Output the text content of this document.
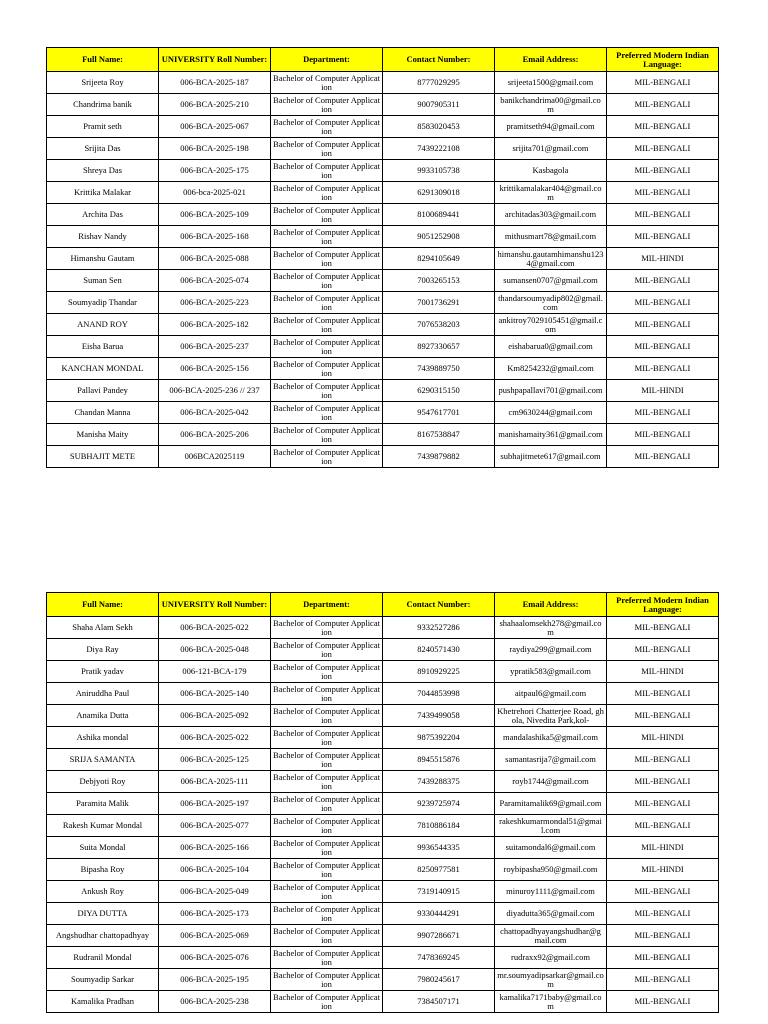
Full Name:	UNIVERSITY Roll Number:	Department:	Contact Number:	Email Address:	Preferred Modern Indian Language:
Srijeeta Roy	006-BCA-2025-187	Bachelor of Computer Application	8777029295	srijeeta1500@gmail.com	MIL-BENGALI
Chandrima banik	006-BCA-2025-210	Bachelor of Computer Application	9007905311	banikchandrima00@gmail.com	MIL-BENGALI
Pramit seth	006-BCA-2025-067	Bachelor of Computer Application	8583020453	pramitseth94@gmail.com	MIL-BENGALI
Srijita Das	006-BCA-2025-198	Bachelor of Computer Application	7439222108	srijita701@gmail.com	MIL-BENGALI
Shreya Das	006-BCA-2025-175	Bachelor of Computer Application	9933105738	Kasbagola	MIL-BENGALI
Krittika Malakar	006-bca-2025-021	Bachelor of Computer Application	6291309018	krittikamalakar404@gmail.com	MIL-BENGALI
Archita Das	006-BCA-2025-109	Bachelor of Computer Application	8100689441	architadas303@gmail.com	MIL-BENGALI
Rishav Nandy	006-BCA-2025-168	Bachelor of Computer Application	9051252908	mithusmart78@gmail.com	MIL-BENGALI
Himanshu Gautam	006-BCA-2025-088	Bachelor of Computer Application	8294105649	himanshu.gautamhimanshu1234@gmail.com	MIL-HINDI
Suman Sen	006-BCA-2025-074	Bachelor of Computer Application	7003265153	sumansen0707@gmail.com	MIL-BENGALI
Soumyadip Thandar	006-BCA-2025-223	Bachelor of Computer Application	7001736291	thandarsoumyadip802@gmail.com	MIL-BENGALI
ANAND ROY	006-BCA-2025-182	Bachelor of Computer Application	7076538203	ankitroy7029105451@gmail.com	MIL-BENGALI
Eisha Barua	006-BCA-2025-237	Bachelor of Computer Application	8927330657	eishabarua0@gmail.com	MIL-BENGALI
KANCHAN MONDAL	006-BCA-2025-156	Bachelor of Computer Application	7439889750	Km8254232@gmail.com	MIL-BENGALI
Pallavi Pandey	006-BCA-2025-236 // 237	Bachelor of Computer Application	6290315150	pushpapallavi701@gmail.com	MIL-HINDI
Chandan Manna	006-BCA-2025-042	Bachelor of Computer Application	9547617701	cm9630244@gmail.com	MIL-BENGALI
Manisha Maity	006-BCA-2025-206	Bachelor of Computer Application	8167538847	manishamaity361@gmail.com	MIL-BENGALI
SUBHAJIT METE	006BCA2025119	Bachelor of Computer Application	7439879882	subhajitmete617@gmail.com	MIL-BENGALI
Full Name:	UNIVERSITY Roll Number:	Department:	Contact Number:	Email Address:	Preferred Modern Indian Language:
Shaha Alam Sekh	006-BCA-2025-022	Bachelor of Computer Application	9332527286	shahaalomsekh278@gmail.com	MIL-BENGALI
Diya Ray	006-BCA-2025-048	Bachelor of Computer Application	8240571430	raydiya299@gmail.com	MIL-BENGALI
Pratik yadav	006-121-BCA-179	Bachelor of Computer Application	8910929225	ypratik583@gmail.com	MIL-HINDI
Aniruddha Paul	006-BCA-2025-140	Bachelor of Computer Application	7044853998	aitpaul6@gmail.com	MIL-BENGALI
Anamika Dutta	006-BCA-2025-092	Bachelor of Computer Application	7439499058	Khetrehori Chatterjee Road, ghola, Nivedita Park,kol-	MIL-BENGALI
Ashika mondal	006-BCA-2025-022	Bachelor of Computer Application	9875392204	mandalashika5@gmail.com	MIL-HINDI
SRIJA SAMANTA	006-BCA-2025-125	Bachelor of Computer Application	8945515876	samantasrija7@gmail.com	MIL-BENGALI
Debjyoti Roy	006-BCA-2025-111	Bachelor of Computer Application	7439288375	royb1744@gmail.com	MIL-BENGALI
Paramita Malik	006-BCA-2025-197	Bachelor of Computer Application	9239725974	Paramitamalik69@gmail.com	MIL-BENGALI
Rakesh Kumar Mondal	006-BCA-2025-077	Bachelor of Computer Application	7810886184	rakeshkumarmondal51@gmail.com	MIL-BENGALI
Suita Mondal	006-BCA-2025-166	Bachelor of Computer Application	9936544335	suitamondal6@gmail.com	MIL-HINDI
Bipasha Roy	006-BCA-2025-104	Bachelor of Computer Application	8250977581	roybipasha950@gmail.com	MIL-HINDI
Ankush Roy	006-BCA-2025-049	Bachelor of Computer Application	7319140915	minuroy1111@gmail.com	MIL-BENGALI
DIYA DUTTA	006-BCA-2025-173	Bachelor of Computer Application	9330444291	diyadutta365@gmail.com	MIL-BENGALI
Angshudhar chattopadhyay	006-BCA-2025-069	Bachelor of Computer Application	9907286671	chattopadhyayangshudhar@gmail.com	MIL-BENGALI
Rudranil Mondal	006-BCA-2025-076	Bachelor of Computer Application	7478369245	rudraxx92@gmail.com	MIL-BENGALI
Soumyadip Sarkar	006-BCA-2025-195	Bachelor of Computer Application	7980245617	mr.soumyadipsarkar@gmail.com	MIL-BENGALI
Kamalika Pradhan	006-BCA-2025-238	Bachelor of Computer Application	7384507171	kamalika7171baby@gmail.com	MIL-BENGALI
